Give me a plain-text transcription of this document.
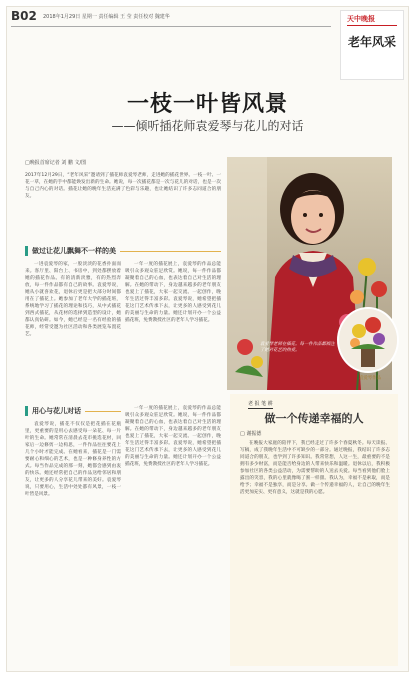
B02 2018年1月29日 星期一 责任编辑 王 莹 责任校对 魏建华	天中晚报
老年风采
一枝一叶皆风景
——倾听插花师袁爱琴与花儿的对话
□晚报首席记者 刘 鹏 文/图
2017年12月29日，“老年风采”邀请到了插花师袁爱琴老师，走进她的插花世界。一枝一叶、一花一草，在她的手中都能焕发出新的生命。她说，每一次插花都是一次与花儿的对话，也是一次与自己内心的对话。插花让她的晚年生活充满了色彩与乐趣，也让她结识了许多志同道合的朋友。
袁爱琴老师在插花。每一件作品都倾注了她对花艺的热爱。
袁爱琴作品
做过让花儿飘舞不一样的美

一进袁爱琴的家，一股淡淡的花香扑面而来。客厅里、阳台上、书房中，到处都摆放着她的插花作品。有的清新淡雅，有的热烈奔放，每一件作品都有自己的故事。袁爱琴说，她从小就喜欢花，退休后更是把大部分时间都用在了插花上。她参加了老年大学的插花班，系统地学习了插花的理论和技巧，从中式插花到西式插花，从花材的选择到造型的设计，她都认真钻研。如今，她已经是一名有经验的插花师，经常受邀为社区活动和各类展览布置花艺。

一年一度的插花展上，袁爱琴的作品总能吸引众多观众驻足欣赏。她说，每一件作品都凝聚着自己的心血，也表达着自己对生活的理解。在她的带动下，身边越来越多的老年朋友也爱上了插花，大家一起交流、一起创作，晚年生活过得丰富多彩。袁爱琴说，她希望把插花这门艺术传承下去，让更多的人感受到花儿的美丽与生命的力量。她还计划开办一个公益插花班，免费教授社区的老年人学习插花。

用心与花儿对话

袁爱琴说，插花不仅仅是把花插在花瓶里，更重要的是用心去感受每一朵花、每一片叶的生命。她常常在清晨去花市挑选花材，回家后一边修剪一边构思，一件作品往往要花上几个小时才能完成。在她看来，插花是一门需要耐心和细心的艺术，也是一种修身养性的方式。每当作品完成的那一刻，她都会感到由衷的快乐。她还经常把自己的作品送给邻居和朋友，让更多的人分享花儿带来的美好。袁爱琴说，只要用心，生活中处处都有风景，一枝一叶皆是风景。

一年一度的插花展上，袁爱琴的作品总能吸引众多观众驻足欣赏。她说，每一件作品都凝聚着自己的心血，也表达着自己对生活的理解。在她的带动下，身边越来越多的老年朋友也爱上了插花，大家一起交流、一起创作，晚年生活过得丰富多彩。袁爱琴说，她希望把插花这门艺术传承下去，让更多的人感受到花儿的美丽与生命的力量。她还计划开办一个公益插花班，免费教授社区的老年人学习插花。

老 报 笔 耕
做一个传递幸福的人
□ 谢振德

在晚报大家庭的陪伴下，我已经走过了许多个春夏秋冬。每天读报、写稿，成了我晚年生活中不可缺少的一部分。通过晚报，我结识了许多志同道合的朋友，也学到了许多知识。我常常想，人这一生，最重要的不是拥有多少财富，而是能否给身边的人带来快乐和温暖。退休以后，我积极参加社区的各类公益活动，为需要帮助的人送去关爱。每当看到他们脸上露出的笑容，我的心里就像喝了蜜一样甜。我认为，幸福不是索取，而是给予；幸福不是独享，而是分享。做一个传递幸福的人，让自己的晚年生活更加充实、更有意义，这就是我的心愿。
